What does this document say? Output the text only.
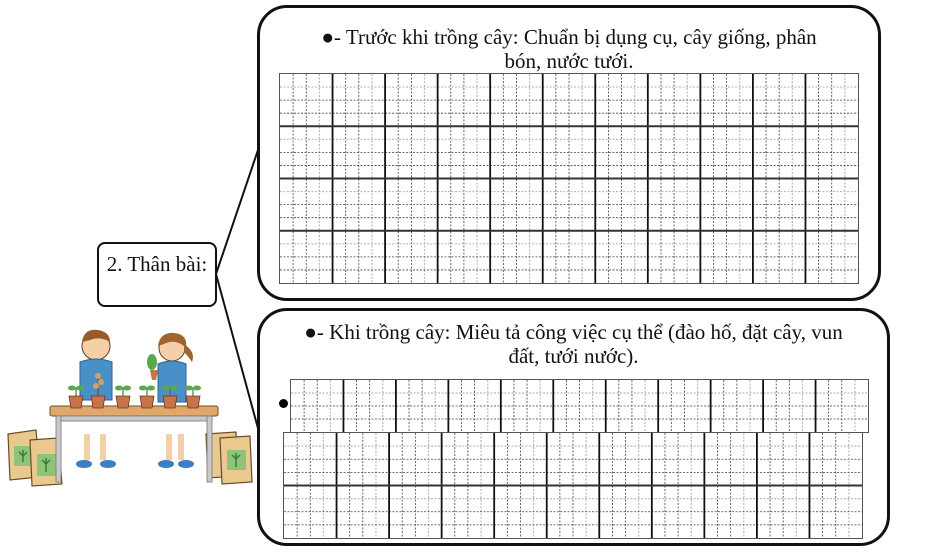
2. Thân bài:
●- Trước khi trồng cây: Chuẩn bị dụng cụ, cây giống, phân
bón, nước tưới.
●- Khi trồng cây: Miêu tả công việc cụ thể (đào hố, đặt cây, vun
đất, tưới nước).
